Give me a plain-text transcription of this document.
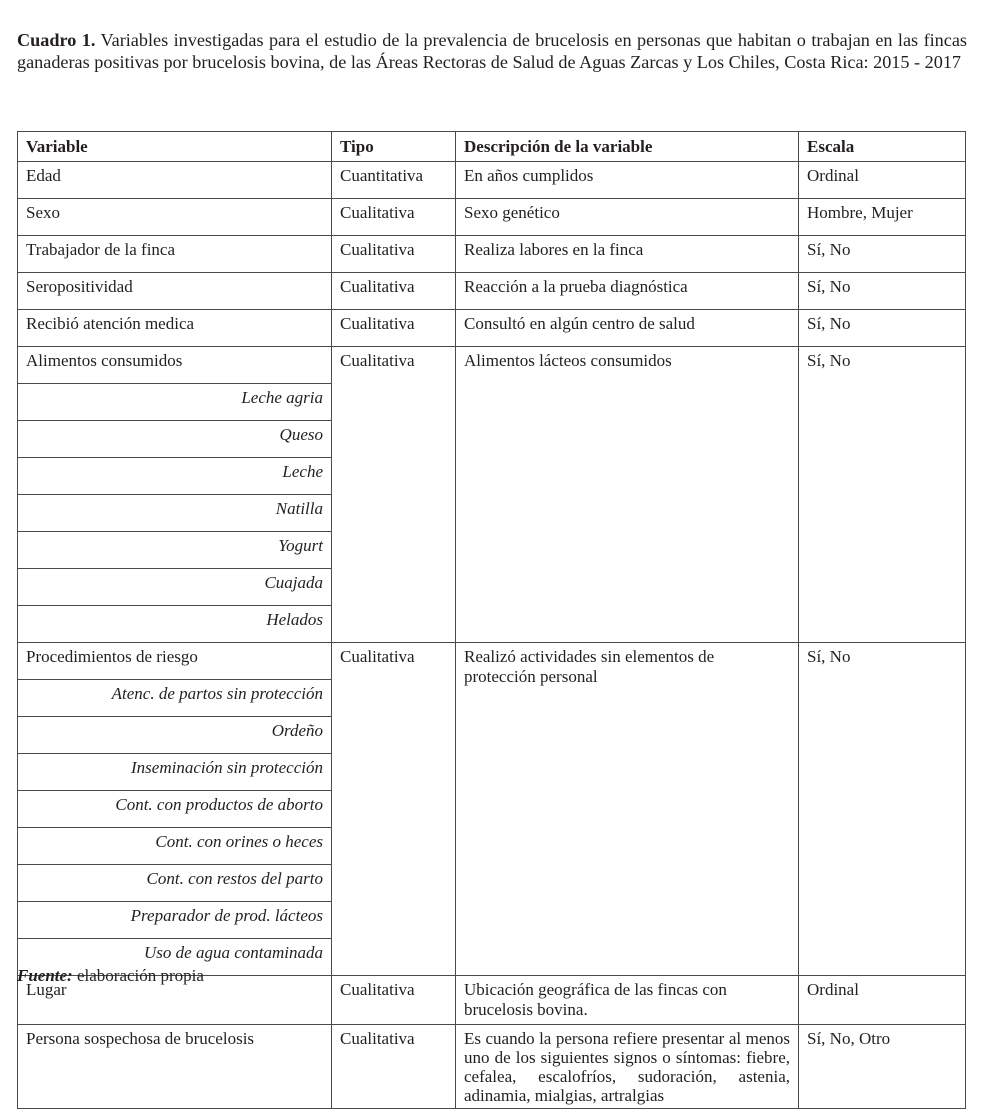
Cuadro 1. Variables investigadas para el estudio de la prevalencia de brucelosis en personas que habitan o trabajan en las fincas ganaderas positivas por brucelosis bovina, de las Áreas Rectoras de Salud de Aguas Zarcas y Los Chiles, Costa Rica: 2015 - 2017
Variable	Tipo	Descripción de la variable	Escala
Edad	Cuantitativa	En años cumplidos	Ordinal
Sexo	Cualitativa	Sexo genético	Hombre, Mujer
Trabajador de la finca	Cualitativa	Realiza labores en la finca	Sí, No
Seropositividad	Cualitativa	Reacción a la prueba diagnóstica	Sí, No
Recibió atención medica	Cualitativa	Consultó en algún centro de salud	Sí, No
Alimentos consumidos	Cualitativa	Alimentos lácteos consumidos	Sí, No
Leche agria			
Queso			
Leche			
Natilla			
Yogurt			
Cuajada			
Helados			
Procedimientos de riesgo	Cualitativa	Realizó actividades sin elementos de protección personal	Sí, No
Atenc. de partos sin protección			
Ordeño			
Inseminación sin protección			
Cont. con productos de aborto			
Cont. con orines o heces			
Cont. con restos del parto			
Preparador de prod. lácteos			
Uso de agua contaminada			
Lugar	Cualitativa	Ubicación geográfica de las fincas con brucelosis bovina.	Ordinal
Persona sospechosa de brucelosis	Cualitativa	Es cuando la persona refiere presentar al menos uno de los siguientes signos o síntomas: fiebre, cefalea, escalofríos, sudoración, astenia, adinamia, mialgias, artralgias	Sí, No, Otro
Fuente: elaboración propia
